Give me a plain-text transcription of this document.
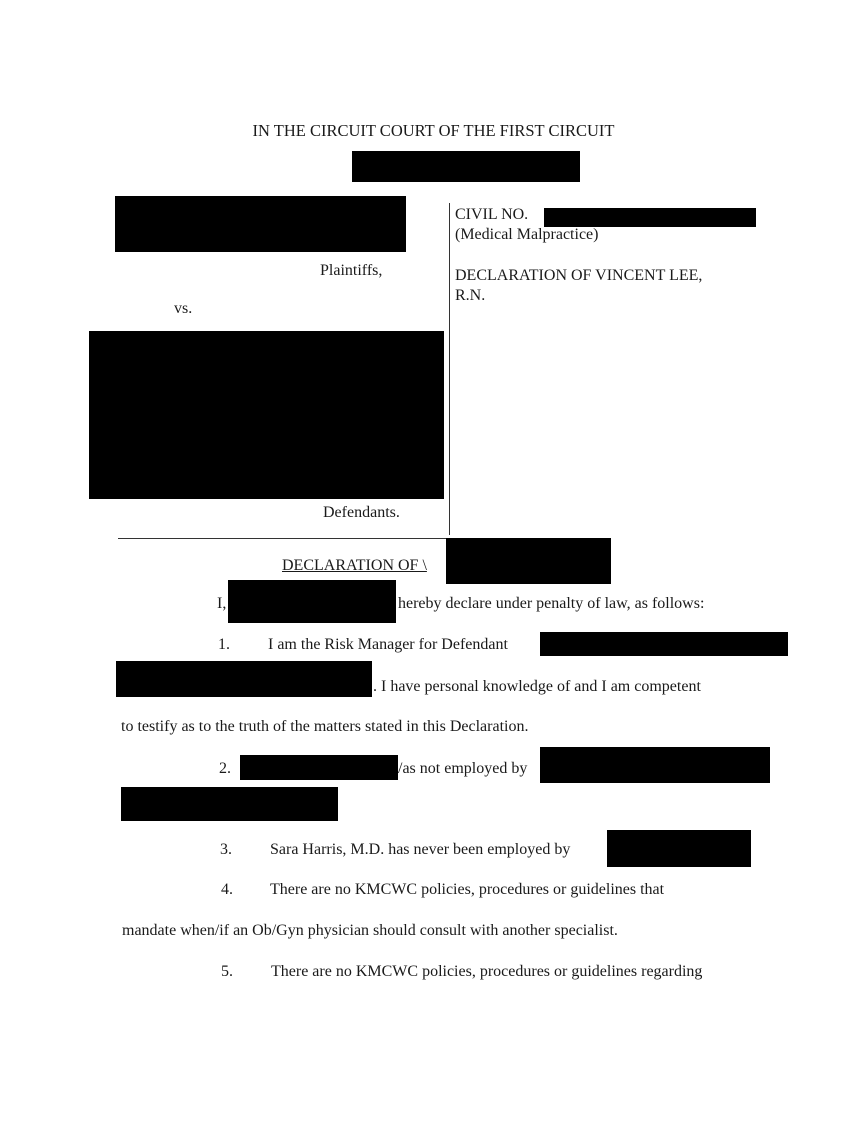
IN THE CIRCUIT COURT OF THE FIRST CIRCUIT
Plaintiffs,
vs.
Defendants.
CIVIL NO.
(Medical Malpractice)
DECLARATION OF VINCENT LEE,
R.N.
DECLARATION OF \
I,	hereby declare under penalty of law, as follows:
1. I am the Risk Manager for Defendant
. I have personal knowledge of and I am competent
to testify as to the truth of the matters stated in this Declaration.
2.	/as not employed by
3. Sara Harris, M.D. has never been employed by
4. There are no KMCWC policies, procedures or guidelines that
mandate when/if an Ob/Gyn physician should consult with another specialist.
5. There are no KMCWC policies, procedures or guidelines regarding
